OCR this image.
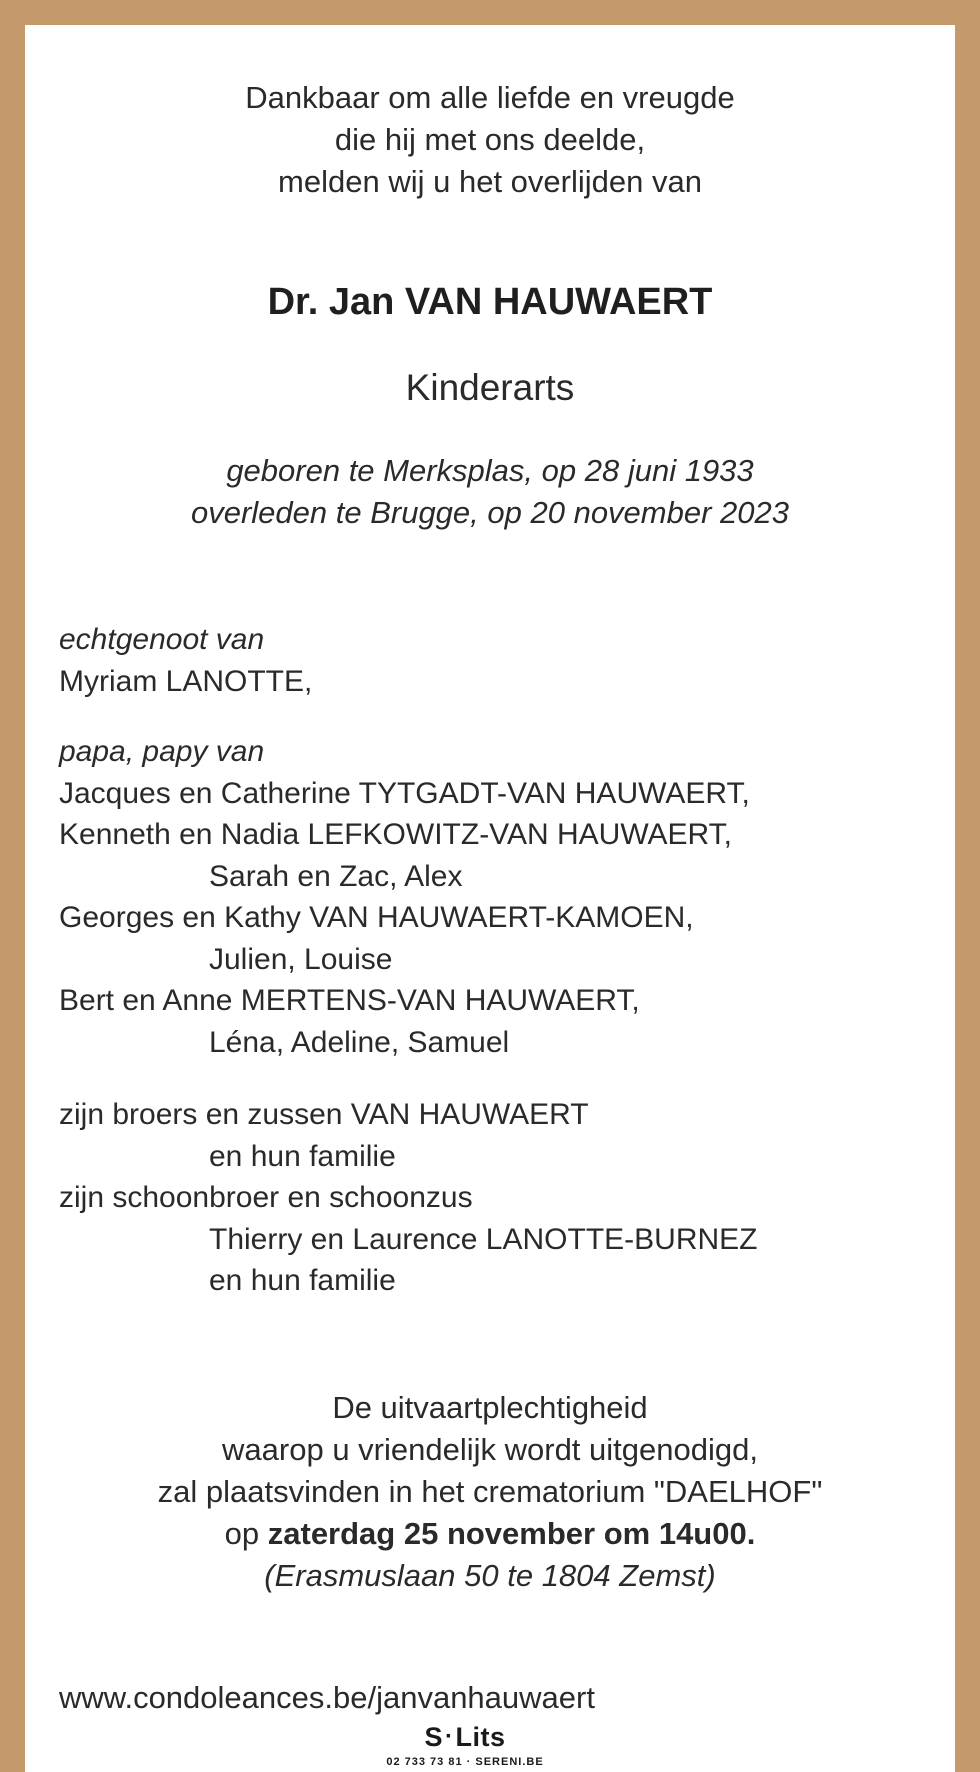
Dankbaar om alle liefde en vreugde
die hij met ons deelde,
melden wij u het overlijden van
Dr. Jan VAN HAUWAERT
Kinderarts
geboren te Merksplas, op 28 juni 1933
overleden te Brugge, op 20 november 2023
echtgenoot van
Myriam LANOTTE,
papa, papy van
Jacques en Catherine TYTGADT-VAN HAUWAERT,
Kenneth en Nadia LEFKOWITZ-VAN HAUWAERT,
Sarah en Zac, Alex
Georges en Kathy VAN HAUWAERT-KAMOEN,
Julien, Louise
Bert en Anne MERTENS-VAN HAUWAERT,
Léna, Adeline, Samuel
zijn broers en zussen VAN HAUWAERT
en hun familie
zijn schoonbroer en schoonzus
Thierry en Laurence LANOTTE-BURNEZ
en hun familie
De uitvaartplechtigheid
waarop u vriendelijk wordt uitgenodigd,
zal plaatsvinden in het crematorium "DAELHOF"
op zaterdag 25 november om 14u00.
(Erasmuslaan 50 te 1804 Zemst)
www.condoleances.be/janvanhauwaert
S·Lits
02 733 73 81 · SERENI.BE
